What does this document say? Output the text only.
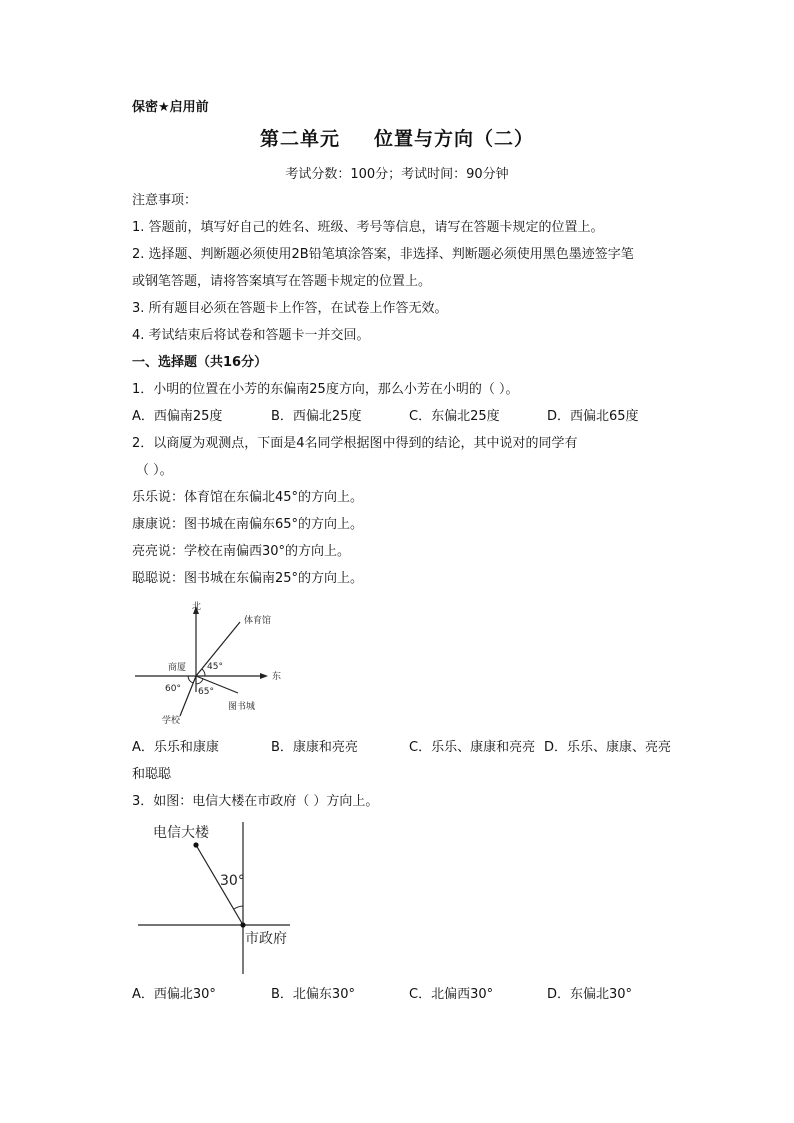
保密★启用前
第二单元 位置与方向（二）
考试分数：100分；考试时间：90分钟
注意事项：
1. 答题前，填写好自己的姓名、班级、考号等信息，请写在答题卡规定的位置上。
2. 选择题、判断题必须使用2B铅笔填涂答案，非选择、判断题必须使用黑色墨迹签字笔
或钢笔答题，请将答案填写在答题卡规定的位置上。
3. 所有题目必须在答题卡上作答，在试卷上作答无效。
4. 考试结束后将试卷和答题卡一并交回。
一、选择题（共16分）
1．小明的位置在小芳的东偏南25度方向，那么小芳在小明的（ ）。
A．西偏南25度	B．西偏北25度	C．东偏北25度	D．西偏北65度
2．以商厦为观测点，下面是4名同学根据图中得到的结论，其中说对的同学有
（ ）。
乐乐说：体育馆在东偏北45°的方向上。
康康说：图书城在南偏东65°的方向上。
亮亮说：学校在南偏西30°的方向上。
聪聪说：图书城在东偏南25°的方向上。
北
东
体育馆
商厦 45°
60° 65°
学校
图书城
A．乐乐和康康	B．康康和亮亮	C．乐乐、康康和亮亮 D．乐乐、康康、亮亮
和聪聪
3．如图：电信大楼在市政府（ ）方向上。
电信大楼
30°
市政府
A．西偏北30°	B．北偏东30°	C．北偏西30°	D．东偏北30°
